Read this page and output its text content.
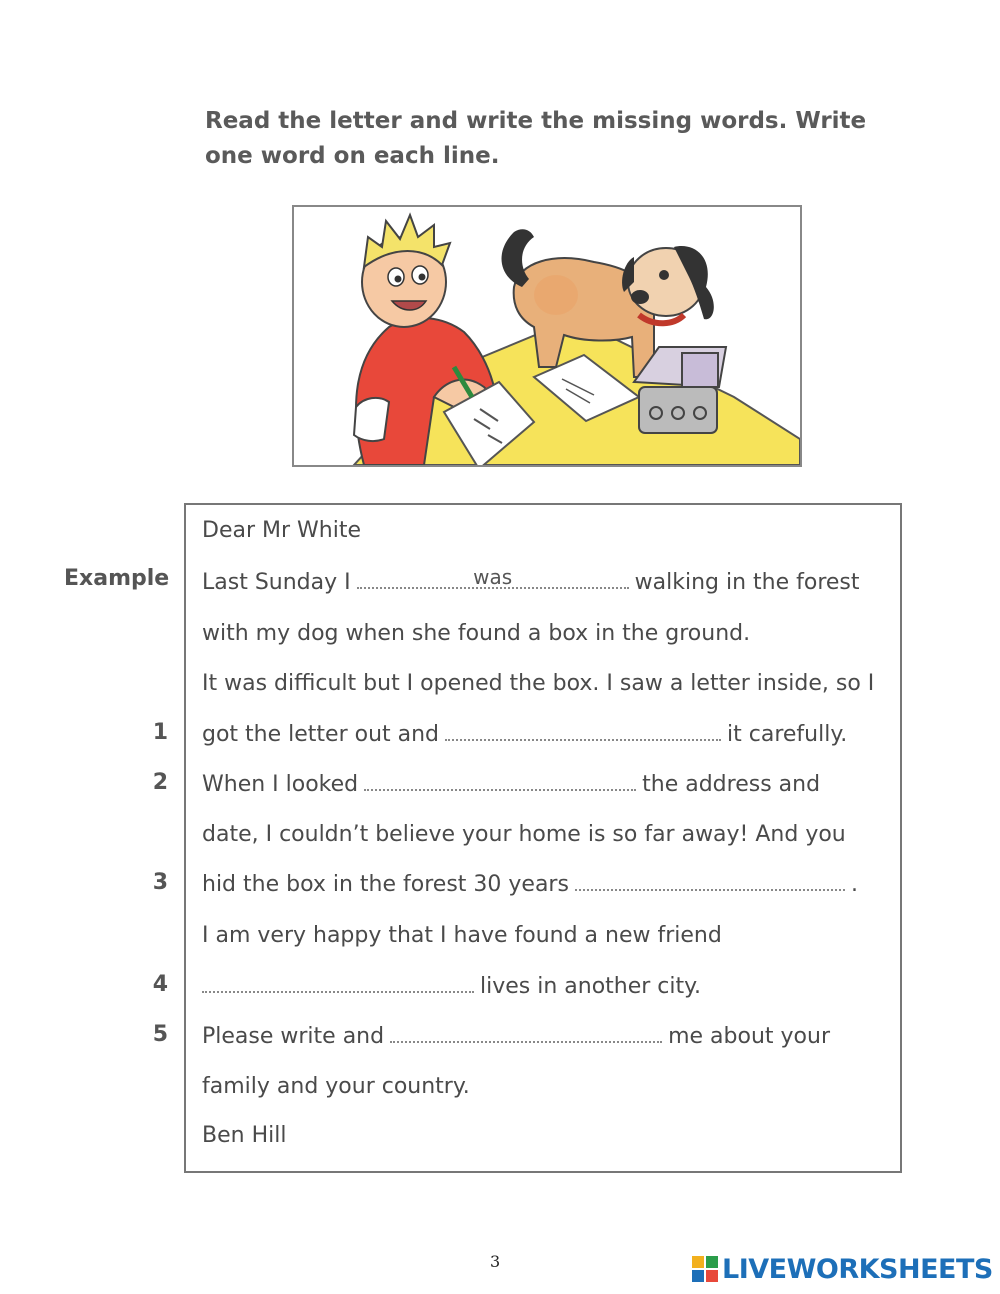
Read the letter and write the missing words. Write one word on each line.
Dear Mr White
Example Last Sunday I	was	walking in the forest
with my dog when she found a box in the ground.
It was difficult but I opened the box. I saw a letter inside, so I
1 got the letter out and	it carefully.
2 When I looked	the address and
date, I couldn’t believe your home is so far away! And you
3 hid the box in the forest 30 years	.
I am very happy that I have found a new friend
4	lives in another city.
5 Please write and	me about your
family and your country.
Ben Hill
3	LIVEWORKSHEETS
